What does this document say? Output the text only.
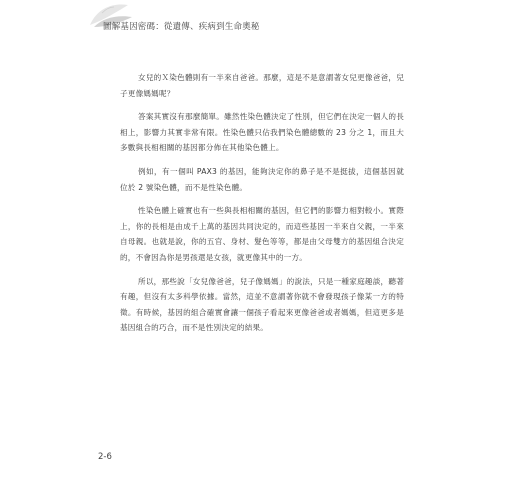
圖解基因密碼：從遺傳、疾病到生命奧秘

女兒的Ｘ染色體則有一半來自爸爸。那麼，這是不是意謂著女兒更像爸爸，兒子更像媽媽呢？

答案其實沒有那麼簡單。雖然性染色體決定了性別，但它們在決定一個人的長相上，影響力其實非常有限。性染色體只佔我們染色體總數的 23 分之 1，而且大多數與長相相關的基因都分佈在其他染色體上。

例如，有一個叫 PAX3 的基因，能夠決定你的鼻子是不是挺拔，這個基因就位於 2 號染色體，而不是性染色體。

性染色體上確實也有一些與長相相關的基因，但它們的影響力相對較小。實際上，你的長相是由成千上萬的基因共同決定的，而這些基因一半來自父親，一半來自母親。也就是說，你的五官、身材、髮色等等，都是由父母雙方的基因組合決定的，不會因為你是男孩還是女孩，就更像其中的一方。

所以，那些說「女兒像爸爸，兒子像媽媽」的說法，只是一種家庭趣談，聽著有趣，但沒有太多科學依據。當然，這並不意謂著你就不會發現孩子像某一方的特徵。有時候，基因的組合確實會讓一個孩子看起來更像爸爸或者媽媽，但這更多是基因組合的巧合，而不是性別決定的結果。

2-6
